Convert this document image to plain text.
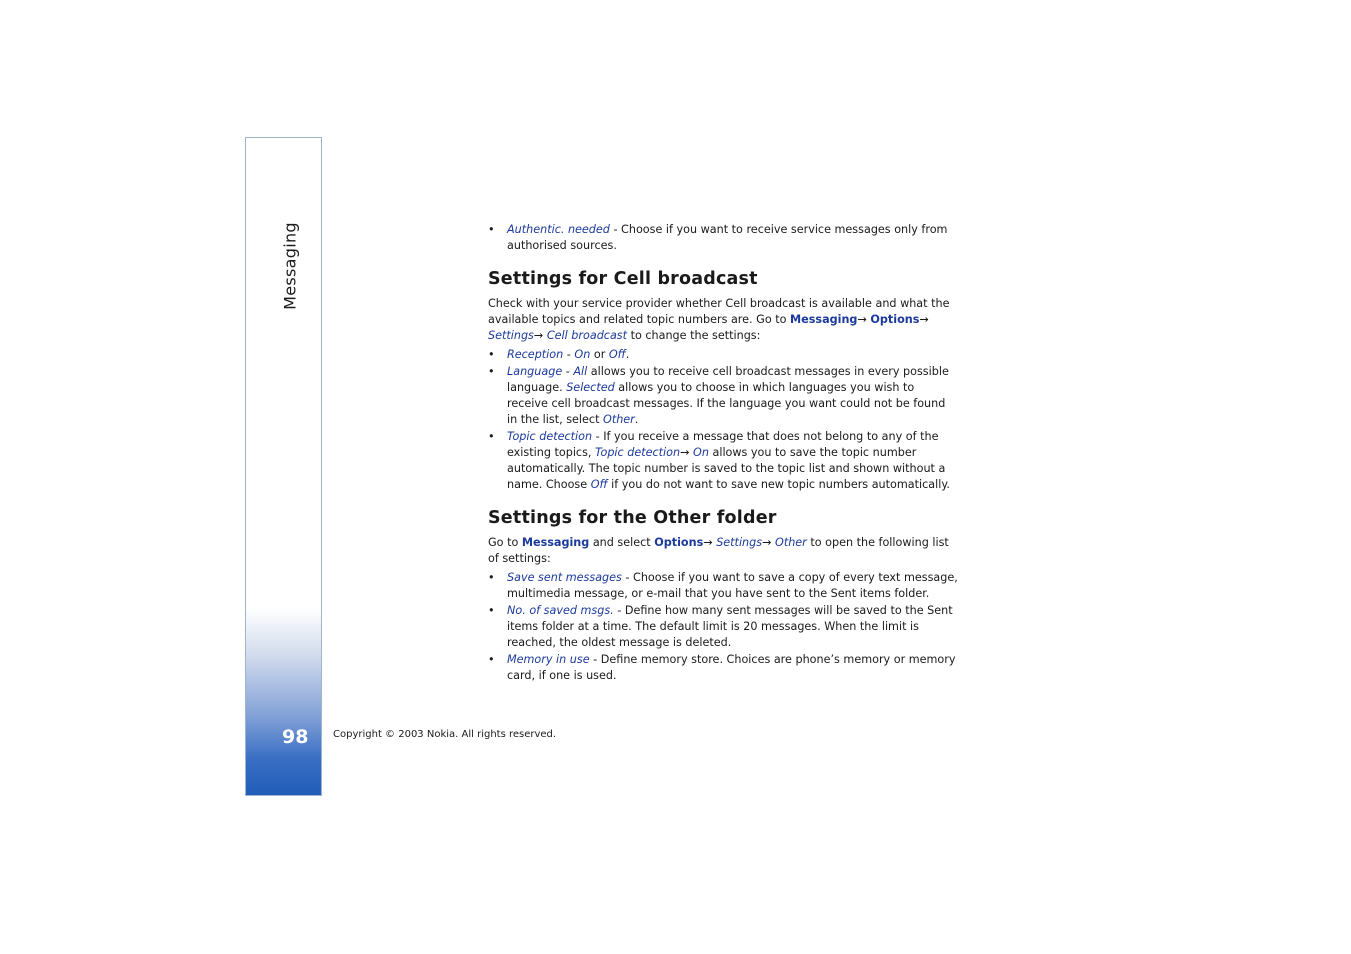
Messaging
98 Copyright © 2003 Nokia. All rights reserved.
• Authentic. needed - Choose if you want to receive service messages only from authorised sources.
Settings for Cell broadcast

Check with your service provider whether Cell broadcast is available and what the available topics and related topic numbers are. Go to Messaging→ Options→ Settings→ Cell broadcast to change the settings:

• Reception - On or Off.
• Language - All allows you to receive cell broadcast messages in every possible language. Selected allows you to choose in which languages you wish to receive cell broadcast messages. If the language you want could not be found in the list, select Other.
• Topic detection - If you receive a message that does not belong to any of the existing topics, Topic detection→ On allows you to save the topic number automatically. The topic number is saved to the topic list and shown without a name. Choose Off if you do not want to save new topic numbers automatically.
Settings for the Other folder

Go to Messaging and select Options→ Settings→ Other to open the following list of settings:

• Save sent messages - Choose if you want to save a copy of every text message, multimedia message, or e-mail that you have sent to the Sent items folder.
• No. of saved msgs. - Define how many sent messages will be saved to the Sent items folder at a time. The default limit is 20 messages. When the limit is reached, the oldest message is deleted.
• Memory in use - Define memory store. Choices are phone’s memory or memory card, if one is used.
